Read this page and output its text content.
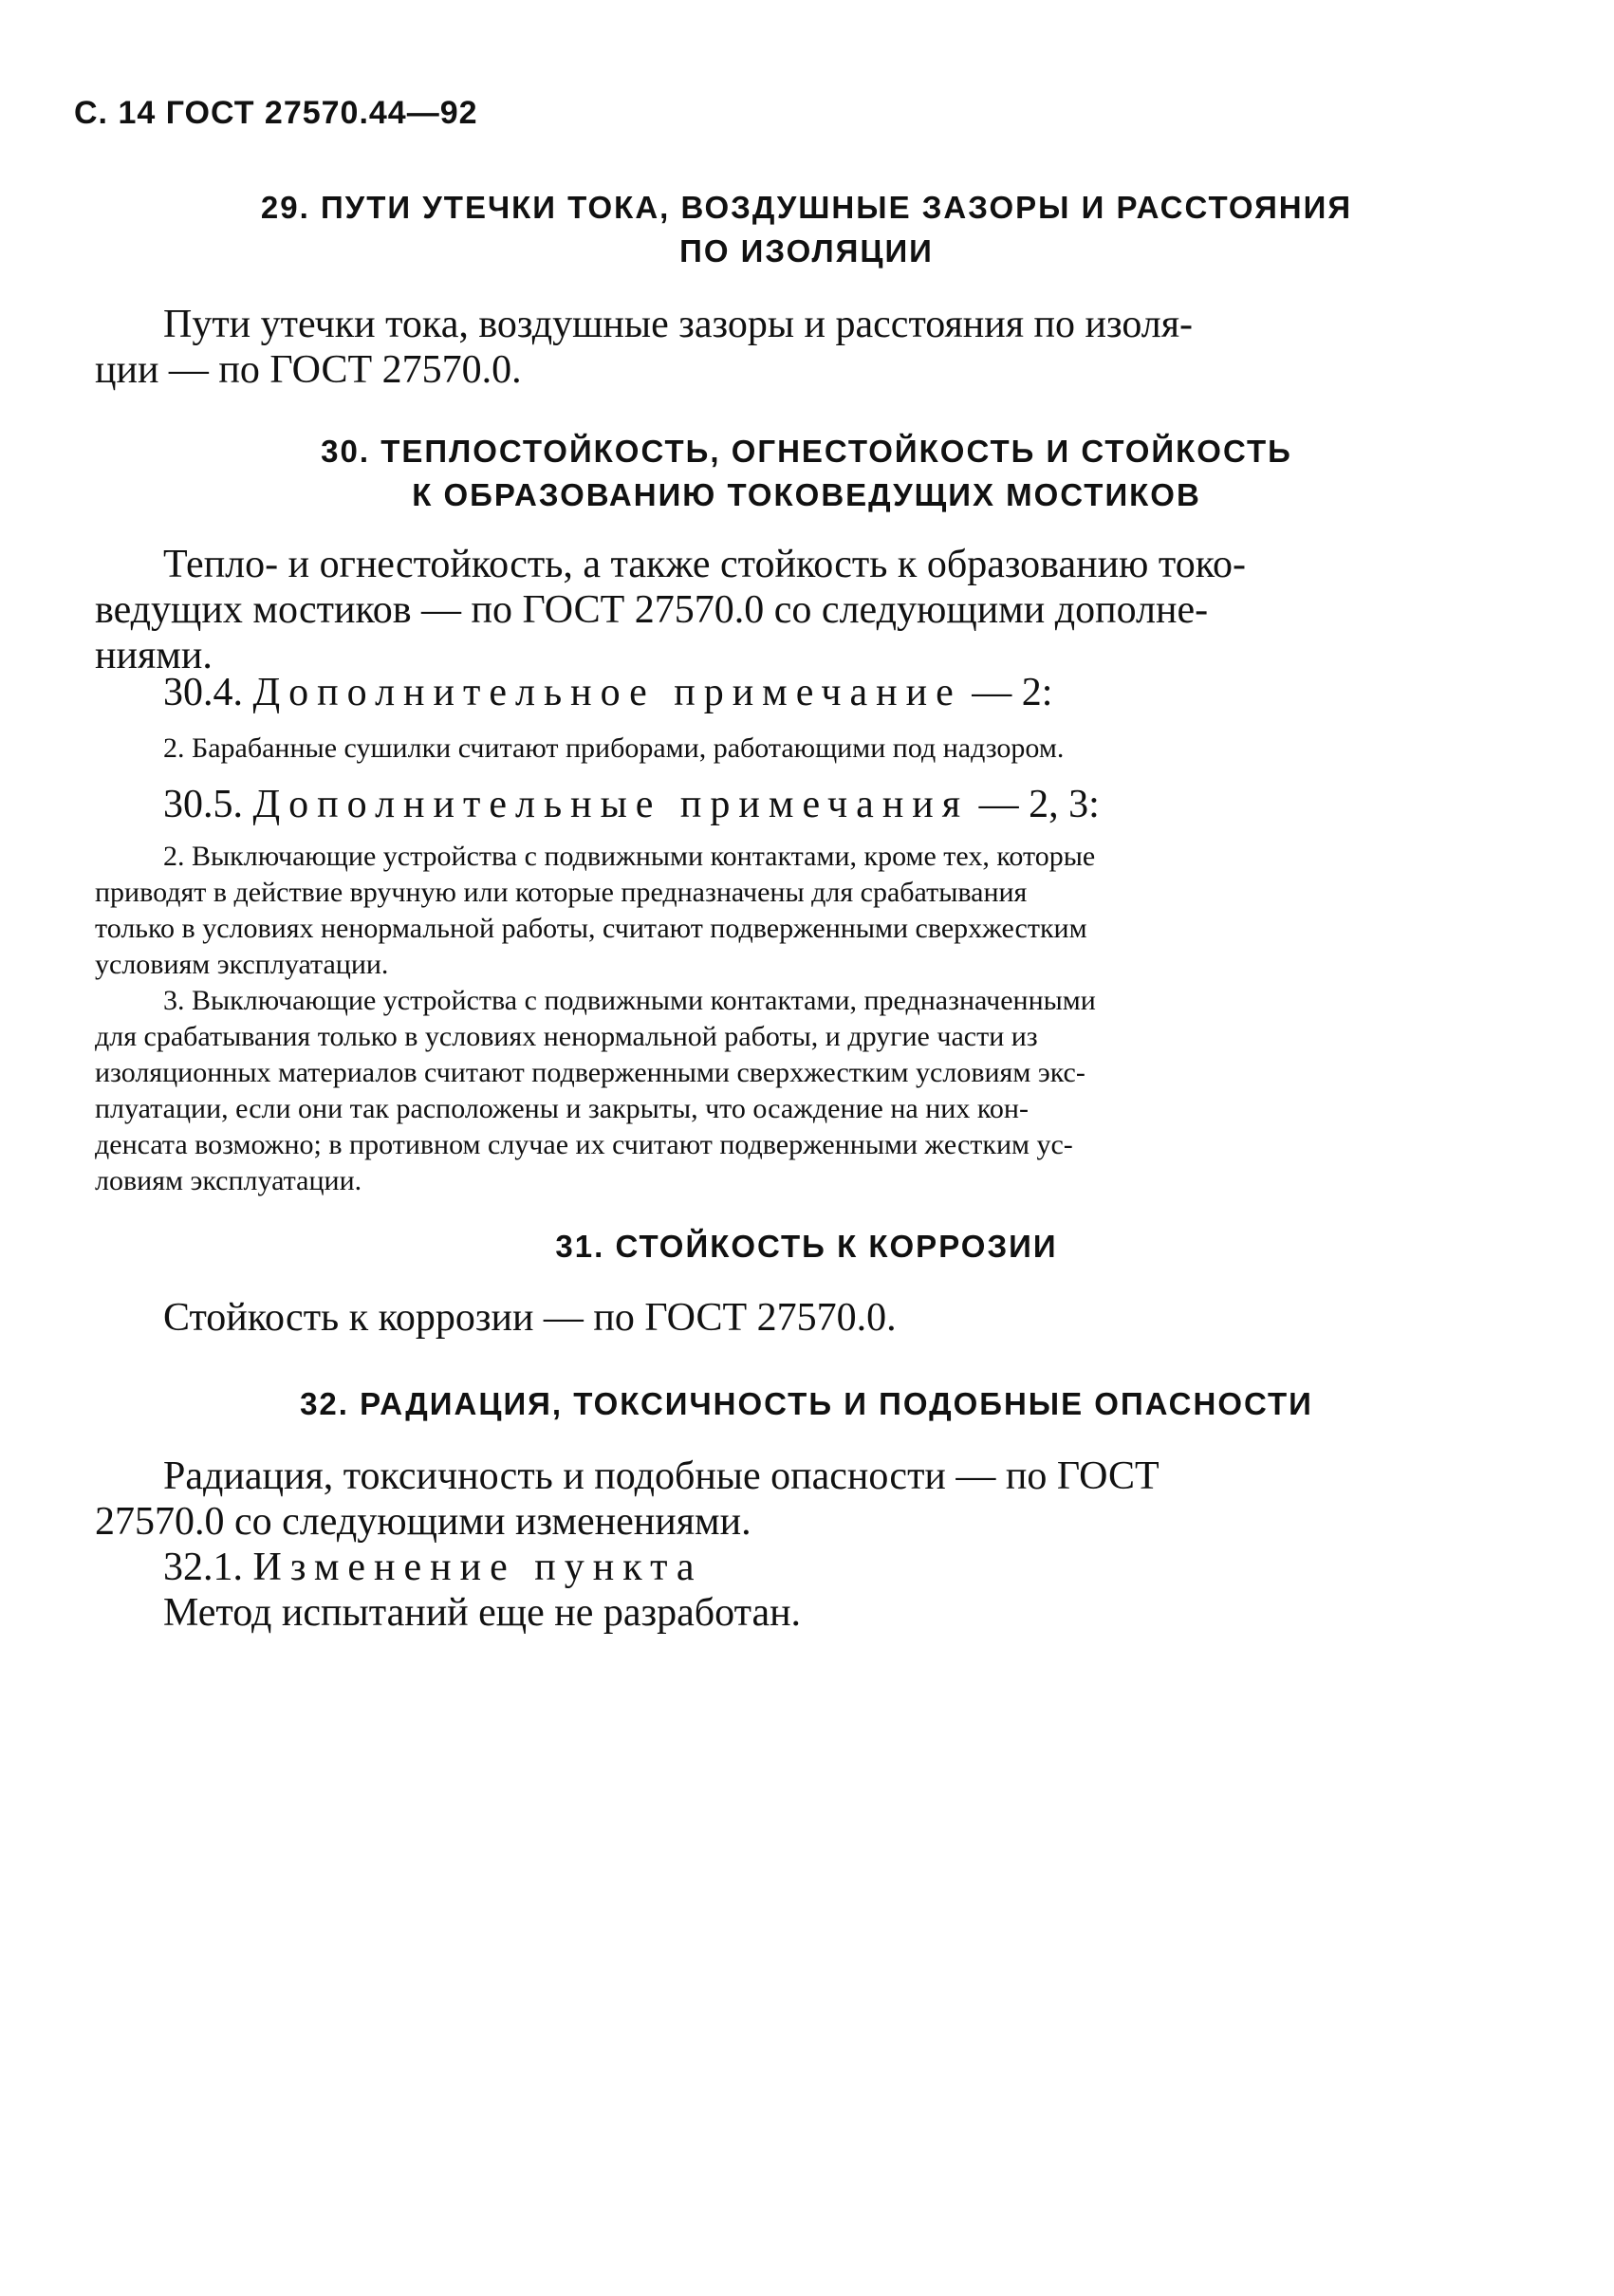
С. 14 ГОСТ 27570.44—92
29. ПУТИ УТЕЧКИ ТОКА, ВОЗДУШНЫЕ ЗАЗОРЫ И РАССТОЯНИЯ
ПО ИЗОЛЯЦИИ
Пути утечки тока, воздушные зазоры и расстояния по изоля-
ции — по ГОСТ 27570.0.
30. ТЕПЛОСТОЙКОСТЬ, ОГНЕСТОЙКОСТЬ И СТОЙКОСТЬ
К ОБРАЗОВАНИЮ ТОКОВЕДУЩИХ МОСТИКОВ
Тепло- и огнестойкость, а также стойкость к образованию токо-
ведущих мостиков — по ГОСТ 27570.0 со следующими дополне-
ниями.
30.4. Дополнительное примечание — 2:
2. Барабанные сушилки считают приборами, работающими под надзором.
30.5. Дополнительные примечания — 2, 3:
2. Выключающие устройства с подвижными контактами, кроме тех, которые
приводят в действие вручную или которые предназначены для срабатывания
только в условиях ненормальной работы, считают подверженными сверхжестким
условиям эксплуатации.
3. Выключающие устройства с подвижными контактами, предназначенными
для срабатывания только в условиях ненормальной работы, и другие части из
изоляционных материалов считают подверженными сверхжестким условиям экс-
плуатации, если они так расположены и закрыты, что осаждение на них кон-
денсата возможно; в противном случае их считают подверженными жестким ус-
ловиям эксплуатации.
31. СТОЙКОСТЬ К КОРРОЗИИ
Стойкость к коррозии — по ГОСТ 27570.0.
32. РАДИАЦИЯ, ТОКСИЧНОСТЬ И ПОДОБНЫЕ ОПАСНОСТИ
Радиация, токсичность и подобные опасности — по ГОСТ
27570.0 со следующими изменениями.
32.1. Изменение пункта
Метод испытаний еще не разработан.
